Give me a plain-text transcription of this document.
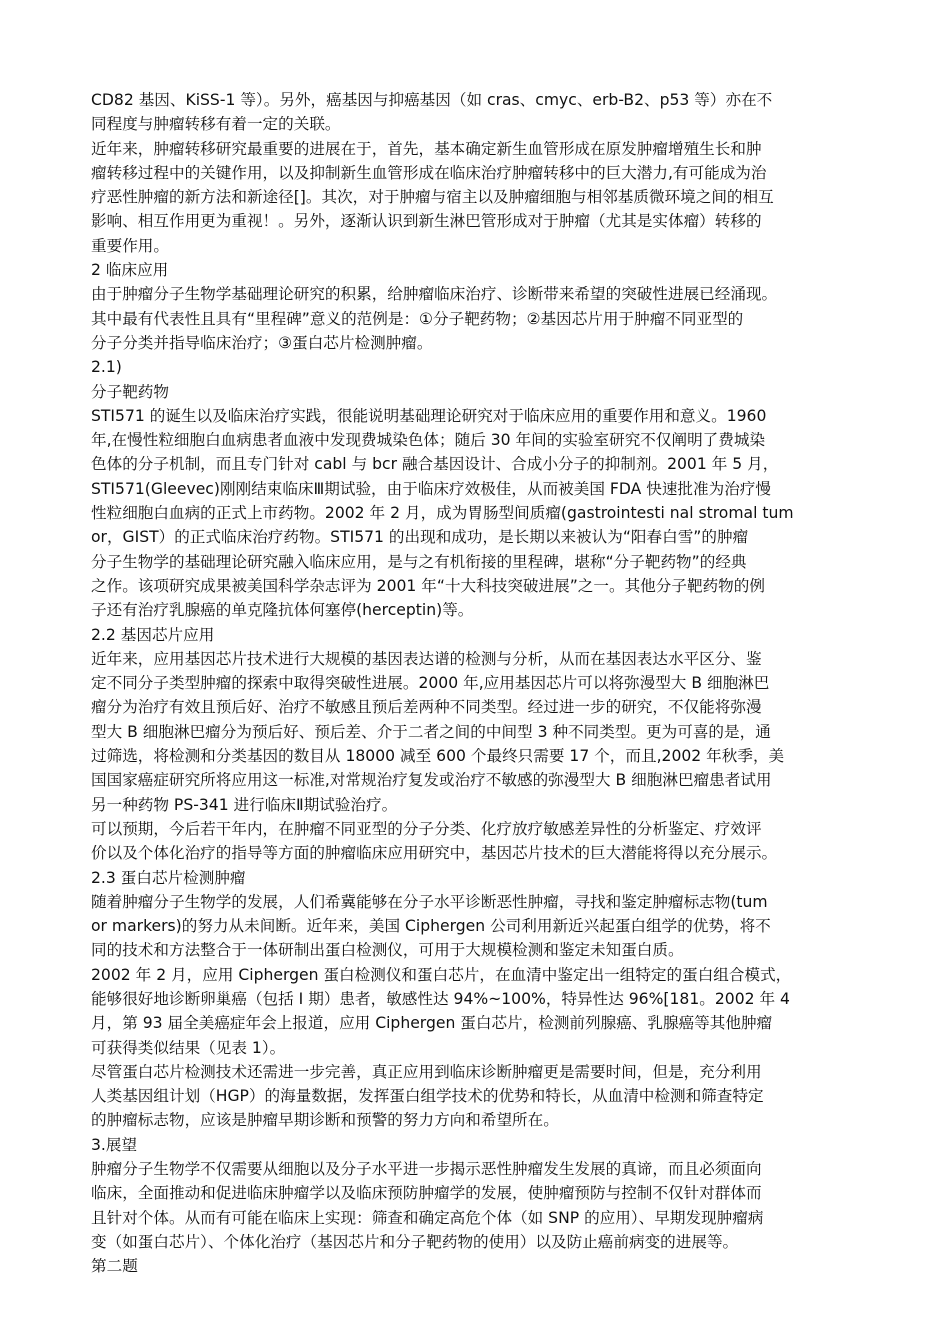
CD82 基因、KiSS-1 等）。另外，癌基因与抑癌基因（如 cras、cmyc、erb-B2、p53 等）亦在不
同程度与肿瘤转移有着一定的关联。
近年来，肿瘤转移研究最重要的进展在于，首先，基本确定新生血管形成在原发肿瘤增殖生长和肿
瘤转移过程中的关键作用，以及抑制新生血管形成在临床治疗肿瘤转移中的巨大潜力,有可能成为治
疗恶性肿瘤的新方法和新途径[]。其次，对于肿瘤与宿主以及肿瘤细胞与相邻基质微环境之间的相互
影响、相互作用更为重视！。另外，逐渐认识到新生淋巴管形成对于肿瘤（尤其是实体瘤）转移的
重要作用。
2 临床应用
由于肿瘤分子生物学基础理论研究的积累，给肿瘤临床治疗、诊断带来希望的突破性进展已经涌现。
其中最有代表性且具有“里程碑”意义的范例是：①分子靶药物；②基因芯片用于肿瘤不同亚型的
分子分类并指导临床治疗；③蛋白芯片检测肿瘤。
2.1)
分子靶药物
STI571 的诞生以及临床治疗实践，很能说明基础理论研究对于临床应用的重要作用和意义。1960
年,在慢性粒细胞白血病患者血液中发现费城染色体；随后 30 年间的实验室研究不仅阐明了费城染
色体的分子机制，而且专门针对 cabl 与 bcr 融合基因设计、合成小分子的抑制剂。2001 年 5 月，
STI571(Gleevec)刚刚结束临床Ⅲ期试验，由于临床疗效极佳，从而被美国 FDA 快速批准为治疗慢
性粒细胞白血病的正式上市药物。2002 年 2 月，成为胃肠型间质瘤(gastrointesti nal stromal tum
or，GIST）的正式临床治疗药物。STI571 的出现和成功，是长期以来被认为“阳春白雪”的肿瘤
分子生物学的基础理论研究融入临床应用，是与之有机衔接的里程碑，堪称“分子靶药物”的经典
之作。该项研究成果被美国科学杂志评为 2001 年“十大科技突破进展”之一。其他分子靶药物的例
子还有治疗乳腺癌的单克隆抗体何塞停(herceptin)等。
2.2 基因芯片应用
近年来，应用基因芯片技术进行大规模的基因表达谱的检测与分析，从而在基因表达水平区分、鉴
定不同分子类型肿瘤的探索中取得突破性进展。2000 年,应用基因芯片可以将弥漫型大 B 细胞淋巴
瘤分为治疗有效且预后好、治疗不敏感且预后差两种不同类型。经过进一步的研究，不仅能将弥漫
型大 B 细胞淋巴瘤分为预后好、预后差、介于二者之间的中间型 3 种不同类型。更为可喜的是，通
过筛选，将检测和分类基因的数目从 18000 减至 600 个最终只需要 17 个，而且,2002 年秋季，美
国国家癌症研究所将应用这一标准,对常规治疗复发或治疗不敏感的弥漫型大 B 细胞淋巴瘤患者试用
另一种药物 PS-341 进行临床Ⅱ期试验治疗。
可以预期，今后若干年内，在肿瘤不同亚型的分子分类、化疗放疗敏感差异性的分析鉴定、疗效评
价以及个体化治疗的指导等方面的肿瘤临床应用研究中，基因芯片技术的巨大潜能将得以充分展示。
2.3 蛋白芯片检测肿瘤
随着肿瘤分子生物学的发展，人们希冀能够在分子水平诊断恶性肿瘤，寻找和鉴定肿瘤标志物(tum
or markers)的努力从未间断。近年来，美国 Ciphergen 公司利用新近兴起蛋白组学的优势，将不
同的技术和方法整合于一体研制出蛋白检测仪，可用于大规模检测和鉴定未知蛋白质。
2002 年 2 月，应用 Ciphergen 蛋白检测仪和蛋白芯片，在血清中鉴定出一组特定的蛋白组合模式，
能够很好地诊断卵巢癌（包括 I 期）患者，敏感性达 94%~100%，特异性达 96%[181。2002 年 4
月，第 93 届全美癌症年会上报道，应用 Ciphergen 蛋白芯片，检测前列腺癌、乳腺癌等其他肿瘤
可获得类似结果（见表 1）。
尽管蛋白芯片检测技术还需进一步完善，真正应用到临床诊断肿瘤更是需要时间，但是，充分利用
人类基因组计划（HGP）的海量数据，发挥蛋白组学技术的优势和特长，从血清中检测和筛查特定
的肿瘤标志物，应该是肿瘤早期诊断和预警的努力方向和希望所在。
3.展望
肿瘤分子生物学不仅需要从细胞以及分子水平进一步揭示恶性肿瘤发生发展的真谛，而且必须面向
临床，全面推动和促进临床肿瘤学以及临床预防肿瘤学的发展，使肿瘤预防与控制不仅针对群体而
且针对个体。从而有可能在临床上实现：筛查和确定高危个体（如 SNP 的应用）、早期发现肿瘤病
变（如蛋白芯片）、个体化治疗（基因芯片和分子靶药物的使用）以及防止癌前病变的进展等。
第二题
